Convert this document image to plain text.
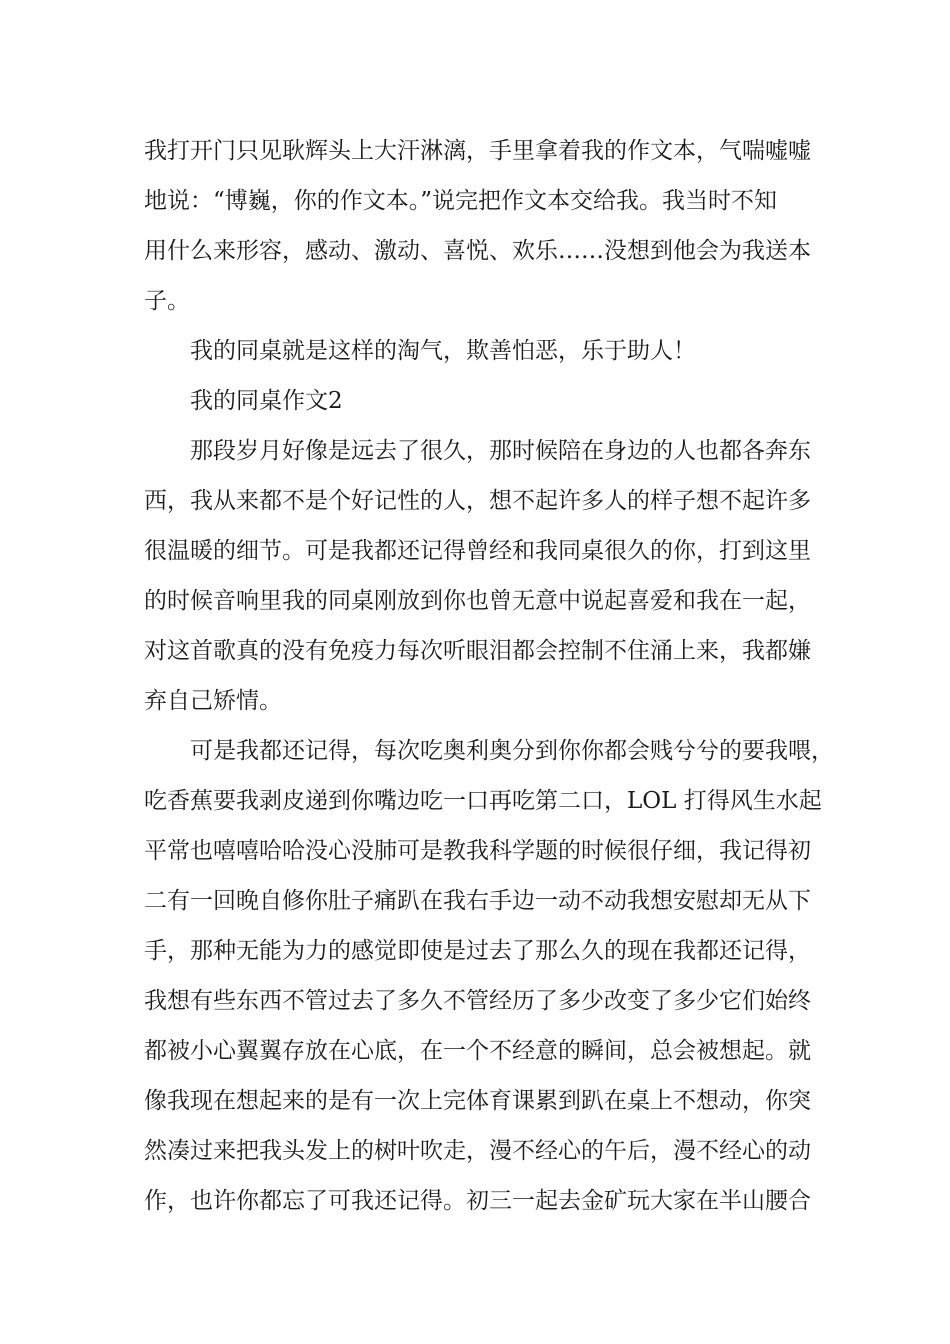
我打开门只见耿辉头上大汗淋漓，手里拿着我的作文本，气喘嘘嘘
地说：“博巍，你的作文本。”说完把作文本交给我。我当时不知
用什么来形容，感动、激动、喜悦、欢乐……没想到他会为我送本
子。
我的同桌就是这样的淘气，欺善怕恶，乐于助人！
我的同桌作文2
那段岁月好像是远去了很久，那时候陪在身边的人也都各奔东
西，我从来都不是个好记性的人，想不起许多人的样子想不起许多
很温暖的细节。可是我都还记得曾经和我同桌很久的你，打到这里
的时候音响里我的同桌刚放到你也曾无意中说起喜爱和我在一起，
对这首歌真的没有免疫力每次听眼泪都会控制不住涌上来，我都嫌
弃自己矫情。
可是我都还记得，每次吃奥利奥分到你你都会贱兮兮的要我喂，
吃香蕉要我剥皮递到你嘴边吃一口再吃第二口，LOL 打得风生水起
平常也嘻嘻哈哈没心没肺可是教我科学题的时候很仔细，我记得初
二有一回晚自修你肚子痛趴在我右手边一动不动我想安慰却无从下
手，那种无能为力的感觉即使是过去了那么久的现在我都还记得，
我想有些东西不管过去了多久不管经历了多少改变了多少它们始终
都被小心翼翼存放在心底，在一个不经意的瞬间，总会被想起。就
像我现在想起来的是有一次上完体育课累到趴在桌上不想动，你突
然凑过来把我头发上的树叶吹走，漫不经心的午后，漫不经心的动
作，也许你都忘了可我还记得。初三一起去金矿玩大家在半山腰合
